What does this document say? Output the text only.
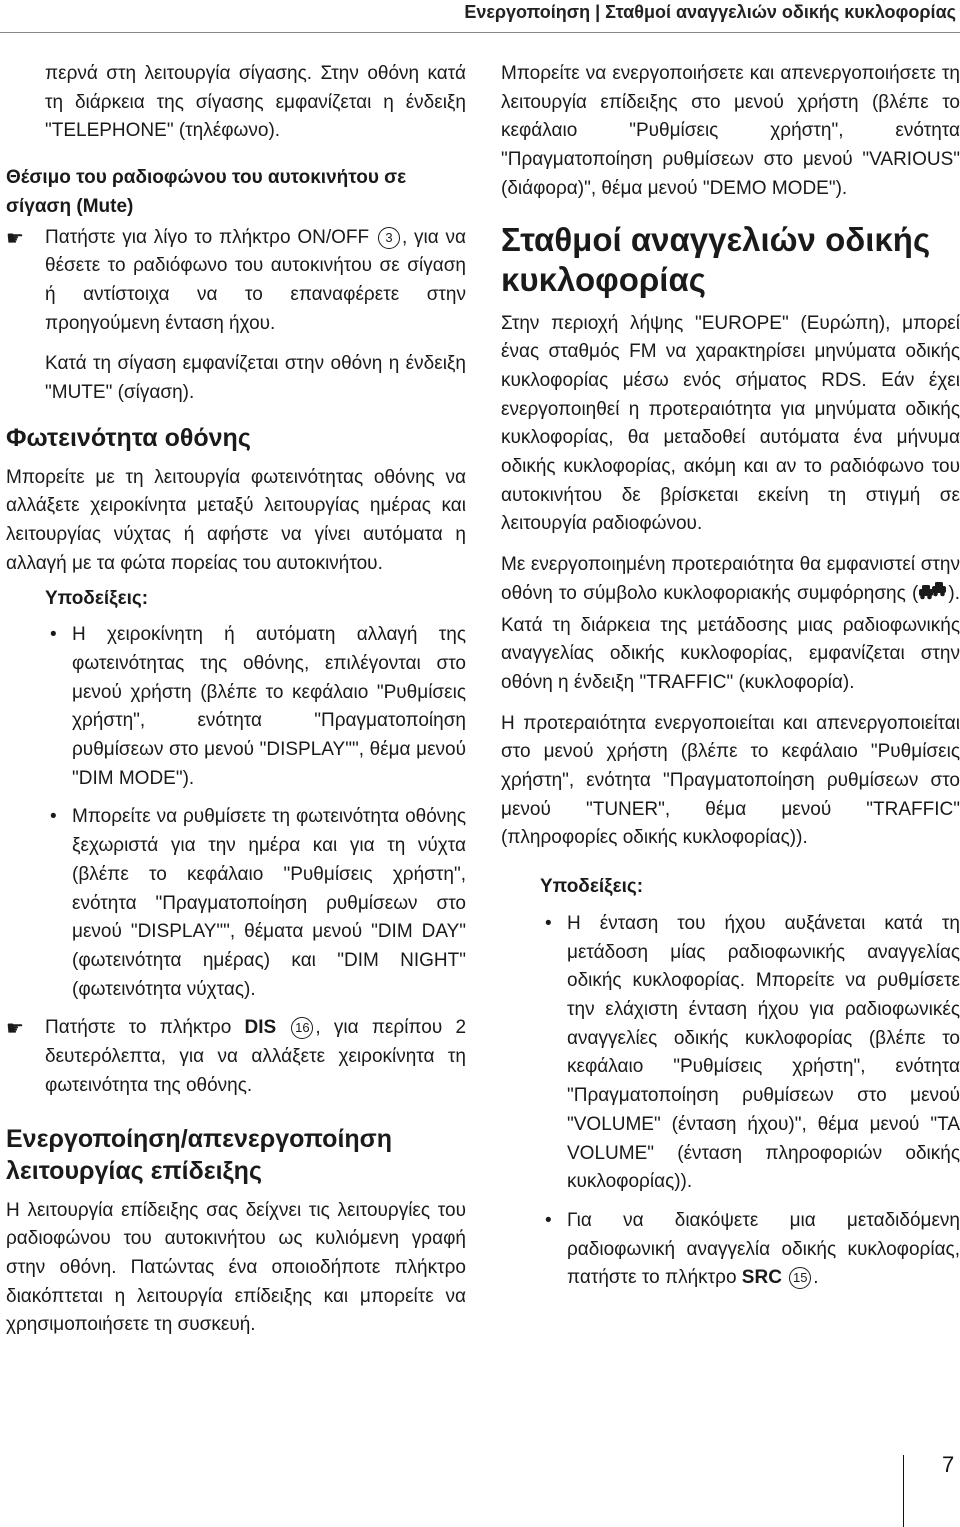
Ενεργοποίηση | Σταθμοί αναγγελιών οδικής κυκλοφορίας

περνά στη λειτουργία σίγασης. Στην οθόνη κατά τη διάρκεια της σίγασης εμφανίζεται η ένδειξη "TELEPHONE" (τηλέφωνο).

Θέσιμο του ραδιοφώνου του αυτοκινήτου σε σίγαση (Mute)

☛ Πατήστε για λίγο το πλήκτρο ON/OFF 3 , για να θέσετε το ραδιόφωνο του αυτοκινήτου σε σίγαση ή αντίστοιχα να το επαναφέρετε στην προηγούμενη ένταση ήχου.

Κατά τη σίγαση εμφανίζεται στην οθόνη η ένδειξη "MUTE" (σίγαση).

Φωτεινότητα οθόνης

Μπορείτε με τη λειτουργία φωτεινότητας οθόνης να αλλάξετε χειροκίνητα μεταξύ λειτουργίας ημέρας και λειτουργίας νύχτας ή αφήστε να γίνει αυτόματα η αλλαγή με τα φώτα πορείας του αυτοκινήτου.

Υποδείξεις:
• Η χειροκίνητη ή αυτόματη αλλαγή της φωτεινότητας της οθόνης, επιλέγονται στο μενού χρήστη (βλέπε το κεφάλαιο "Ρυθμίσεις χρήστη", ενότητα "Πραγματοποίηση ρυθμίσεων στο μενού "DISPLAY"", θέμα μενού "DIM MODE").

• Μπορείτε να ρυθμίσετε τη φωτεινότητα οθόνης ξεχωριστά για την ημέρα και για τη νύχτα (βλέπε το κεφάλαιο "Ρυθμίσεις χρήστη", ενότητα "Πραγματοποίηση ρυθμίσεων στο μενού "DISPLAY"", θέματα μενού "DIM DAY" (φωτεινότητα ημέρας) και "DIM NIGHT" (φωτεινότητα νύχτας).

☛ Πατήστε το πλήκτρο DIS 16 , για περίπου 2 δευτερόλεπτα, για να αλλάξετε χειροκίνητα τη φωτεινότητα της οθόνης.

Ενεργοποίηση/απενεργοποίηση λειτουργίας επίδειξης

Η λειτουργία επίδειξης σας δείχνει τις λειτουργίες του ραδιοφώνου του αυτοκινήτου ως κυλιόμενη γραφή στην οθόνη. Πατώντας ένα οποιοδήποτε πλήκτρο διακόπτεται η λειτουργία επίδειξης και μπορείτε να χρησιμοποιήσετε τη συσκευή.

Μπορείτε να ενεργοποιήσετε και απενεργοποιήσετε τη λειτουργία επίδειξης στο μενού χρήστη (βλέπε το κεφάλαιο "Ρυθμίσεις χρήστη", ενότητα "Πραγματοποίηση ρυθμίσεων στο μενού "VARIOUS" (διάφορα)", θέμα μενού "DEMO MODE").

Σταθμοί αναγγελιών οδικής κυκλοφορίας

Στην περιοχή λήψης "EUROPE" (Ευρώπη), μπορεί ένας σταθμός FM να χαρακτηρίσει μηνύματα οδικής κυκλοφορίας μέσω ενός σήματος RDS. Εάν έχει ενεργοποιηθεί η προτεραιότητα για μηνύματα οδικής κυκλοφορίας, θα μεταδοθεί αυτόματα ένα μήνυμα οδικής κυκλοφορίας, ακόμη και αν το ραδιόφωνο του αυτοκινήτου δε βρίσκεται εκείνη τη στιγμή σε λειτουργία ραδιοφώνου.

Με ενεργοποιημένη προτεραιότητα θα εμφανιστεί στην οθόνη το σύμβολο κυκλοφοριακής συμφόρησης ( ). Κατά τη διάρκεια της μετάδοσης μιας ραδιοφωνικής αναγγελίας οδικής κυκλοφορίας, εμφανίζεται στην οθόνη η ένδειξη "TRAFFIC" (κυκλοφορία).

Η προτεραιότητα ενεργοποιείται και απενεργοποιείται στο μενού χρήστη (βλέπε το κεφάλαιο "Ρυθμίσεις χρήστη", ενότητα "Πραγματοποίηση ρυθμίσεων στο μενού "TUNER", θέμα μενού "TRAFFIC" (πληροφορίες οδικής κυκλοφορίας)).

Υποδείξεις:
• Η ένταση του ήχου αυξάνεται κατά τη μετάδοση μίας ραδιοφωνικής αναγγελίας οδικής κυκλοφορίας. Μπορείτε να ρυθμίσετε την ελάχιστη ένταση ήχου για ραδιοφωνικές αναγγελίες οδικής κυκλοφορίας (βλέπε το κεφάλαιο "Ρυθμίσεις χρήστη", ενότητα "Πραγματοποίηση ρυθμίσεων στο μενού "VOLUME" (ένταση ήχου)", θέμα μενού "TA VOLUME" (ένταση πληροφοριών οδικής κυκλοφορίας)).

• Για να διακόψετε μια μεταδιδόμενη ραδιοφωνική αναγγελία οδικής κυκλοφορίας, πατήστε το πλήκτρο SRC 15 .

7
